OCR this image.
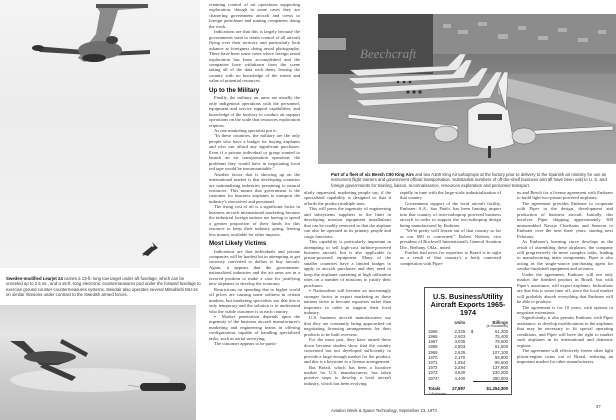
Sweden-modified Learjet 24 carries a 13-ft.-long tow target under aft fuselage, which can be unreeled up to 2.5 mi., and a 15-ft.-long electronic countermeasures pod under the forward fuselage to exercise ground counter-countermeasures systems. Swedair also operates several Mitsubishi MU-2s on similar missions under contract to the Swedish armed forces.

retaining control of air operations supporting exploration, though in some cases they are chartering government aircraft and crews to foreign petroleum and mining companies doing the work.

Indications are that this is largely because the governments want to retain control of all aircraft flying over their territory and particularly look askance at foreigners doing aerial photography. There have been some cases where foreign aerial exploration has been accomplished and the companies have withdrawn from the scene taking all of the data with them, leaving the country with no knowledge of the extent and value of potential resources.

Up to the Military

Finally, the military air arms are usually the only indigenous operations with the personnel, equipment and service support capabilities, and knowledge of the territory to conduct air support operations on the scale that resources exploration requires.

As one marketing specialist put it:

"In these countries, the military are the only people who have a budget for buying airplanes and who can afford any significant purchases. Even if a private individual or group wanted to launch an air transportation operation, the problems they would have in negotiating local red tape would be insurmountable."

Another factor that is showing up on the international market is that developing countries are nationalizing industries pertaining to natural resources. This means that government is the customer for business airplanes to transport the industry's executives and personnel.

The rising cost of oil is a significant factor in business aircraft international marketing because the industrial foreign nations are having to spend a greater proportion of their funds for this resource to keep their industry going, leaving less money available for other imports.

Most Likely Victims

Indications are that individuals and private companies will be hardest hit in attempting to get currency converted to dollars to buy aircraft. Again, it appears that the government-nationalized industries and the air arms are in a favored position to make a case for justifying new airplanes to develop the economy.

Restrictions on spending due to higher world oil prices are causing some softness in certain markets, but marketing specialists say that this is only temporary and the solution is to understand who the viable customer is in each country.

▪ Market penetration depends upon the ingenuity of the business aircraft manufacturer's marketing and engineering teams in offering configurations capable of handling specialized tasks, such as aerial surveying.

The customer appears to be partic-

Beechcraft
Part of a fleet of six Beech C90 King Airs and two A100 King Air turboprops at the factory prior to delivery to the Spanish air ministry for use as instrument flight trainers and government official transportation. Substantial numbers of off-the-shelf business aircraft have been sold to U. S. and foreign governments for training, liaison, reconnaissance, resources exploration and personnel transport.

ularly impressed, marketing people say, if the specialized capability is designed so that it affords the product multiple uses.

This will press the ingenuity of engineering and subsystems suppliers to the limit in developing mission equipment installations that can be readily removed so that the airplane can also be operated in its primary people and cargo functions.

This capability is particularly important in attempting to sell high-cost turbine-powered business aircraft, but is also applicable to piston-powered equipment. Many of the smaller countries have a limited budget to apply to aircraft purchases and they need to keep the airplanes operating at high utilization rates on a number of missions to justify their purchases.

▪ Nationalism will become an increasingly stronger factor in export marketing as these nations strive to become exporters rather than importers in order to support their local industry.

U.S. business aircraft manufacturers say that they are constantly being approached on negotiating licensing arrangements for their products to be built overseas.

For the most part, they have turned these down because studies show that the country concerned has not developed sufficiently to provide a large enough market for the product, and this is a keystone to a license arrangement.

But Brazil, which has been a lucrative market for U.S. manufacturers, has taken positive steps to develop a local aircraft industry, which has been evolving

rapidly in tune with the large-scale industrialization of that country.

Government support of the local aircraft facility, Embraer, S.A., Sao Paulo, has been limiting import into that country of twin-turboprop powered business aircraft in order to support the two-turboprop design being manufactured by Embraer.

"We're pretty well frozen out of that country so far as our 690 is concerned," Robert Nielsen, vice president of Rockwell International's General Aviation Div., Bethany, Okla., noted.

Further bad news for exporters to Brazil is in sight as a result of that country's a hotly contested competition with Piper-

U.S. Business/Utility
Aircraft Exports 1965-1974
	Units		Billings
			(in thousands)
1965	2,325	$	61,200
1966	2,903		75,400
1967	3,035		76,500
1968	2,803		91,500
1969	2,625		107,100
1970	2,170		98,900
1971	1,854		95,600
1972	2,284		137,900
1973	3,630		230,200
1974*	4,400		280,000
Totals	27,897		$1,254,300
* Estimate

ns and Beech for a license agreement with Embraer to build light two-piston-powered airplanes.

The agreement provides Embraer to cooperate with Piper in the design, development and production of business aircraft. Initially, this involves Piper shipping approximately 300 unassembled Navajo Chieftains and Senecas to Embraer over the next three years, starting next February.

As Embraer's learning curve develops as the result of assembling these airplanes, the company will progressively do more complex tasks, leading to manufacturing main components. Piper is also acting as the single-source purchasing agent for vendor-furnished equipment and avionics.

Under the agreement, Embraer will not only market the finished product in Brazil, but with Piper's assistance, will export airplanes. Indications are that this is some time off, since the local market will probably absorb everything that Embraer will be able to produce.

The agreement is for 10 years, with options to negotiate extensions.

Significantly, it also permits Embraer, with Piper assistance, to develop modifications to the airplanes that may be necessary to fit special operating conditions, and Piper will have the right to market such airplanes in its international and domestic regions.

The agreement will effectively freeze other light piston-engine twins out of Brazil, reducing an important market for other manufacturers.

Aviation Week & Space Technology, September 23, 1974
37
